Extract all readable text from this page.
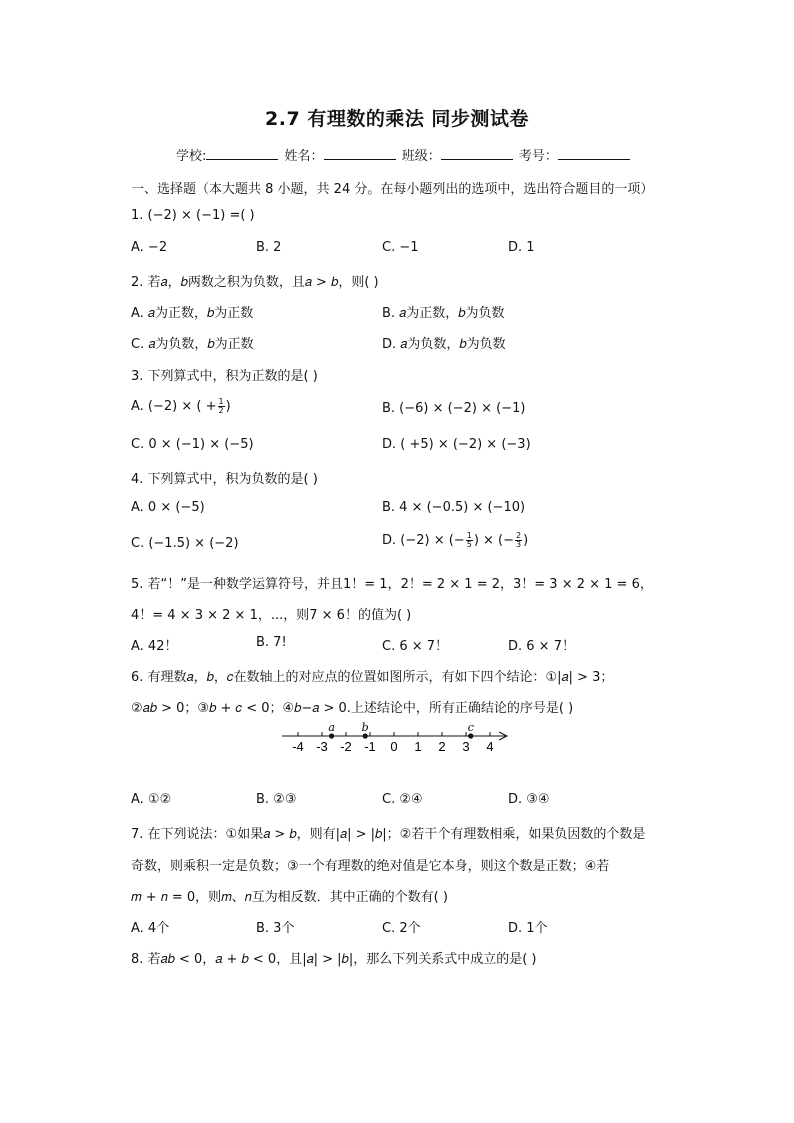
2.7 有理数的乘法 同步测试卷
学校:	姓名：	班级：	考号：
一、选择题（本大题共 8 小题，共 24 分。在每小题列出的选项中，选出符合题目的一项）
1. (−2) × (−1) =( )
A. −2	B. 2	C. −1	D. 1
2. 若𝑎，𝑏两数之积为负数，且𝑎 > 𝑏，则( )
A. 𝑎为正数，𝑏为正数	B. 𝑎为正数，𝑏为负数
C. 𝑎为负数，𝑏为正数	D. 𝑎为负数，𝑏为负数
3. 下列算式中，积为正数的是( )
A. (−2) × ( + $\frac{1}{2}$ )	B. (−6) × (−2) × (−1)
C. 0 × (−1) × (−5)	D. ( +5) × (−2) × (−3)
4. 下列算式中，积为负数的是( )
A. 0 × (−5)	B. 4 × (−0.5) × (−10)
C. (−1.5) × (−2)	D. (−2) × (− $\frac{1}{5}$ ) × (− $\frac{2}{3}$ )
5. 若“！”是一种数学运算符号，并且1！= 1，2！= 2 × 1 = 2，3！= 3 × 2 × 1 = 6，
4！= 4 × 3 × 2 × 1，...，则7 × 6！的值为( )
A. 42！	B. 7!	C. 6 × 7！	D. 6 × 7！
6. 有理数𝑎，𝑏，𝑐在数轴上的对应点的位置如图所示，有如下四个结论：①|𝑎| > 3；
②𝑎𝑏 > 0；③𝑏 + 𝑐 < 0；④𝑏−𝑎 > 0.上述结论中，所有正确结论的序号是( )
-4 -3 -2 -1 0 1 2 3 4
a b	c
A. ①②	B. ②③	C. ②④	D. ③④
7. 在下列说法：①如果𝑎 > 𝑏，则有|𝑎| > |𝑏|；②若干个有理数相乘，如果负因数的个数是
奇数，则乘积一定是负数；③一个有理数的绝对值是它本身，则这个数是正数；④若
𝑚 + 𝑛 = 0，则𝑚、𝑛互为相反数．其中正确的个数有( )
A. 4个	B. 3个	C. 2个	D. 1个
8. 若𝑎𝑏 < 0，𝑎 + 𝑏 < 0，且|𝑎| > |𝑏|，那么下列关系式中成立的是( )
